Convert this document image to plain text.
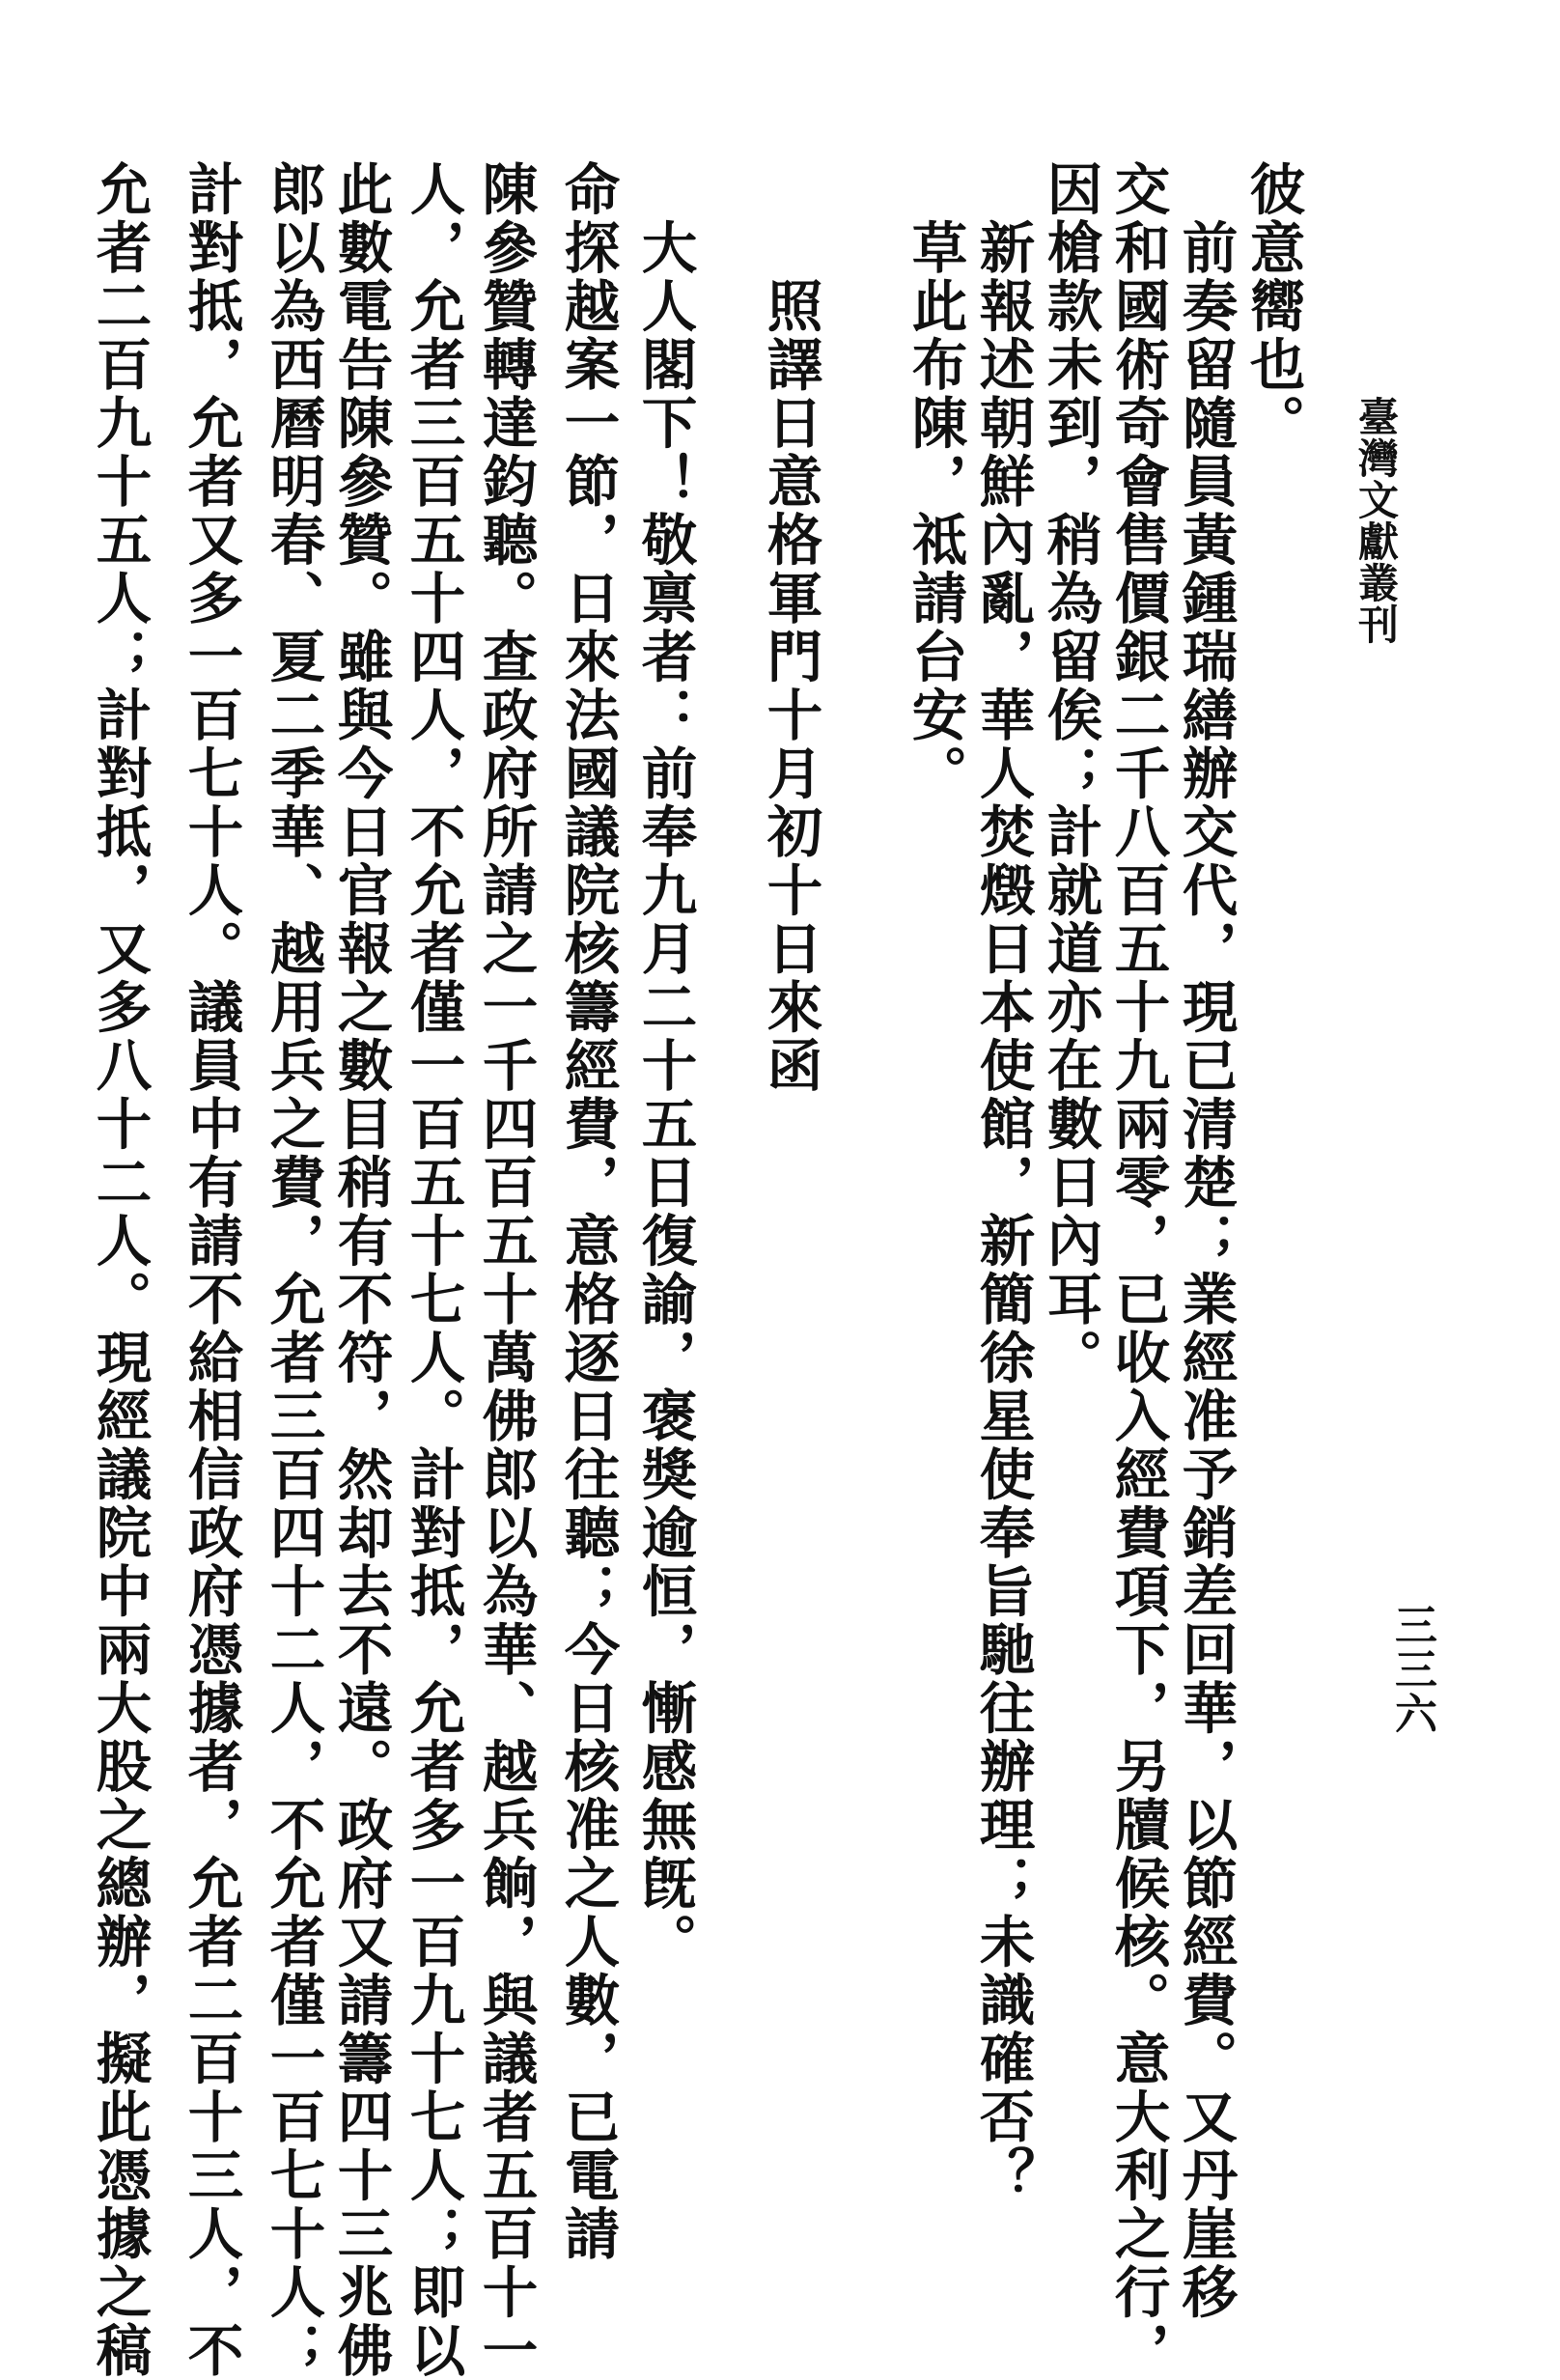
臺灣文獻叢刊
三三六
彼意嚮也。
　前奏留隨員黃鍾瑞繕辦交代，現已清楚；業經准予銷差回華，以節經費。又丹崖移
交和國術奇會售價銀二千八百五十九兩零，已收入經費項下，另牘候核。意大利之行，
因槍款未到，稍為留俟；計就道亦在數日內耳。
　新報述朝鮮內亂，華人焚燬日本使館，新簡徐星使奉旨馳往辦理；未識確否？
　草此布陳，祗請台安。
　　照譯日意格軍門十月初十日來函
　大人閣下！敬禀者：前奉九月二十五日復諭，褒獎逾恒，慚感無旣。
命探越案一節，日來法國議院核籌經費，意格逐日往聽；今日核准之人數，已電請
陳參贊轉達鈞聽。查政府所請之一千四百五十萬佛郎以為華、越兵餉，與議者五百十一
人，允者三百五十四人，不允者僅一百五十七人。計對抵，允者多一百九十七人；即以
此數電告陳參贊。雖與今日官報之數目稍有不符，然却去不遠。政府又請籌四十三兆佛
郎以為西曆明春、夏二季華、越用兵之費，允者三百四十二人，不允者僅一百七十人；
計對抵，允者又多一百七十人。議員中有請不給相信政府憑據者，允者二百十三人，不
允者二百九十五人；計對抵，又多八十二人。現經議院中兩大股之總辦，擬此憑據之稿
